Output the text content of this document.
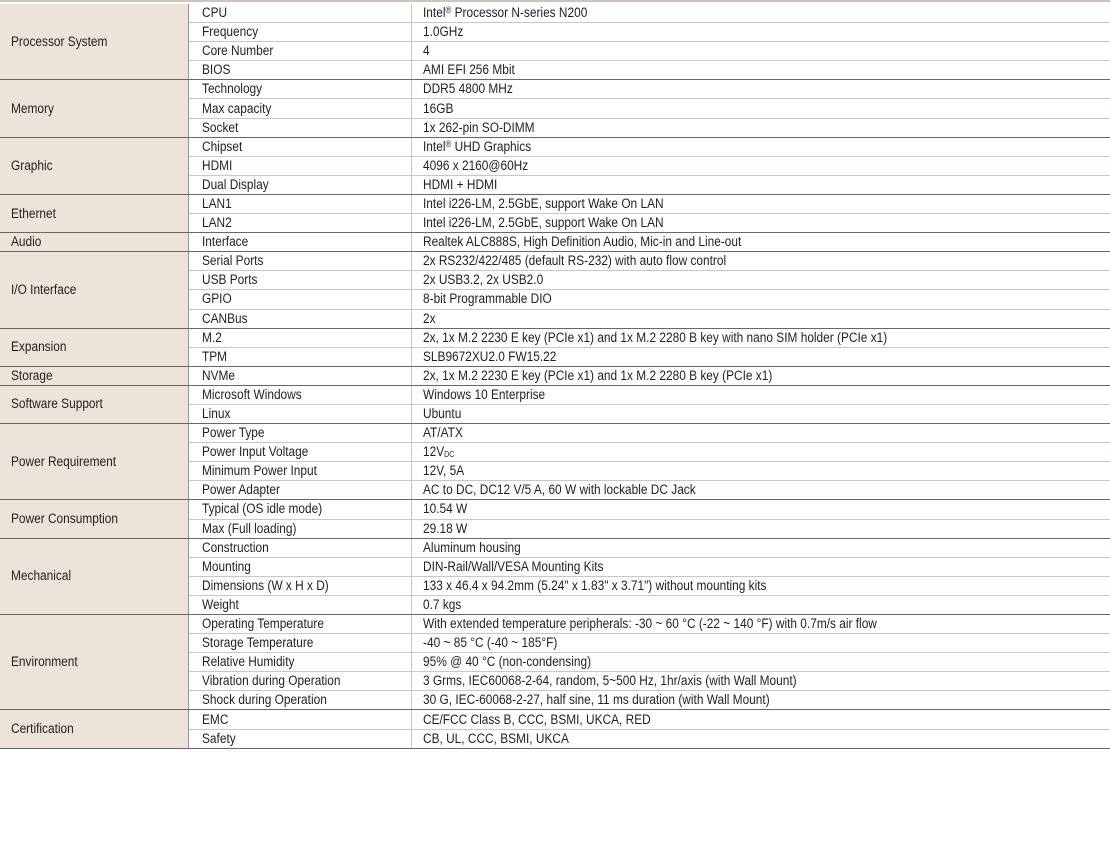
Processor System	CPU	Intel® Processor N-series N200
	Frequency	1.0GHz
	Core Number	4
	BIOS	AMI EFI 256 Mbit
Memory	Technology	DDR5 4800 MHz
	Max capacity	16GB
	Socket	1x 262-pin SO-DIMM
Graphic	Chipset	Intel® UHD Graphics
	HDMI	4096 x 2160@60Hz
	Dual Display	HDMI + HDMI
Ethernet	LAN1	Intel i226-LM, 2.5GbE, support Wake On LAN
	LAN2	Intel i226-LM, 2.5GbE, support Wake On LAN
Audio	Interface	Realtek ALC888S, High Definition Audio, Mic-in and Line-out
I/O Interface	Serial Ports	2x RS232/422/485 (default RS-232) with auto flow control
	USB Ports	2x USB3.2, 2x USB2.0
	GPIO	8-bit Programmable DIO
	CANBus	2x
Expansion	M.2	2x, 1x M.2 2230 E key (PCIe x1) and 1x M.2 2280 B key with nano SIM holder (PCIe x1)
	TPM	SLB9672XU2.0 FW15.22
Storage	NVMe	2x, 1x M.2 2230 E key (PCIe x1) and 1x M.2 2280 B key (PCIe x1)
Software Support	Microsoft Windows	Windows 10 Enterprise
	Linux	Ubuntu
Power Requirement	Power Type	AT/ATX
	Power Input Voltage	$12V_{DC}$
	Minimum Power Input	12V, 5A
	Power Adapter	AC to DC, DC12 V/5 A, 60 W with lockable DC Jack
Power Consumption	Typical (OS idle mode)	10.54 W
	Max (Full loading)	29.18 W
Mechanical	Construction	Aluminum housing
	Mounting	DIN-Rail/Wall/VESA Mounting Kits
	Dimensions (W x H x D)	133 x 46.4 x 94.2mm (5.24" x 1.83" x 3.71") without mounting kits
	Weight	0.7 kgs
Environment	Operating Temperature	With extended temperature peripherals: -30 ~ 60 °C (-22 ~ 140 °F) with 0.7m/s air flow
	Storage Temperature	-40 ~ 85 °C (-40 ~ 185°F)
	Relative Humidity	95% @ 40 °C (non-condensing)
	Vibration during Operation	3 Grms, IEC60068-2-64, random, 5~500 Hz, 1hr/axis (with Wall Mount)
	Shock during Operation	30 G, IEC-60068-2-27, half sine, 11 ms duration (with Wall Mount)
Certification	EMC	CE/FCC Class B, CCC, BSMI, UKCA, RED
	Safety	CB, UL, CCC, BSMI, UKCA
